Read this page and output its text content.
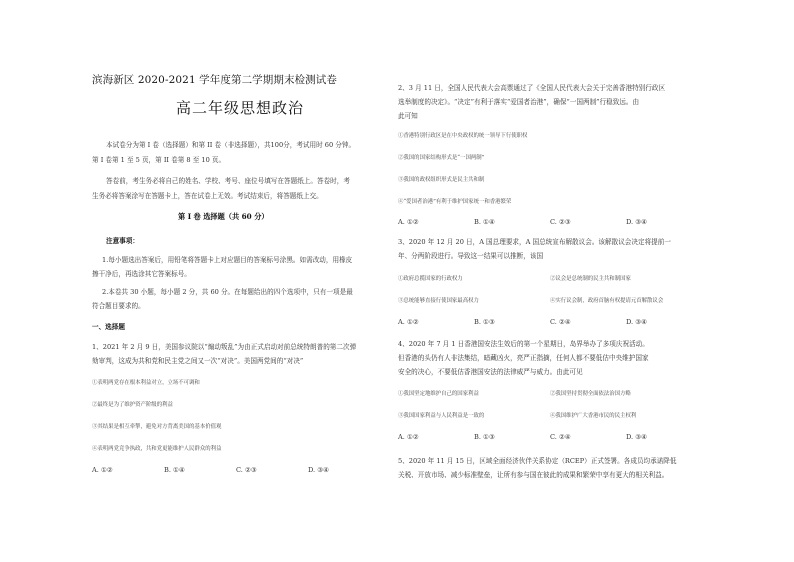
滨海新区 2020-2021 学年度第二学期期末检测试卷
高二年级思想政治
本试卷分为第 I 卷（选择题）和第 II 卷（非选择题），共100分，考试用时 60 分钟。
第 I 卷第 1 至 5 页，第 II 卷第 8 至 10 页。
答卷前，考生务必将自己的姓名、学校、考号、座位号填写在答题纸上。答卷时，考
生务必将答案涂写在答题卡上，答在试卷上无效。考试结束后，将答题纸上交。
第 I 卷 选择题（共 60 分）
注意事项：
1.每小题选出答案后，用铅笔将答题卡上对应题目的答案标号涂黑。如需改动，用橡皮
擦干净后，再选涂其它答案标号。
2.本卷共 30 小题，每小题 2 分，共 60 分。在每题给出的四个选项中，只有一项是最
符合题目要求的。
一、选择题
1、2021 年 2 月 9 日，美国参议院以“煽动叛乱”为由正式启动对前总统特朗普的第二次弹
劾审判，这成为共和党和民主党之间又一次“对决”。美国两党间的“对决”
①表明两党存在根本利益对立，立场不可调和
②最终是为了维护资产阶级的利益
③其结果是相互牵掣，避免对方背离美国的基本价值观
④表明两党竞争执政，共和党更能维护人民群众的利益
A. ①②	B. ①④	C. ②③	D. ③④
2、3 月 11 日，全国人民代表大会高票通过了《全国人民代表大会关于完善香港特别行政区
选举制度的决定》。“决定”有利于落实“爱国者治港”，确保“一国两制”行稳致远。由
此可知
①香港特别行政区是在中央政权的统一领导下行使职权
②我国的国家结构形式是“一国两制”
③我国的政权组织形式是民主共和制
④“爱国者治港”有利于维护国家统一和香港繁荣
A. ①②	B. ①④	C. ②③	D. ③④
3、2020 年 12 月 20 日，A 国总理要求，A 国总统宣布解散议会。该解散议会决定将提前一
年、分两阶段进行。导致这一结果可以推断，该国
①政府总揽国家的行政权力	②议会是总统制的民主共和制国家
③总统能够直接行使国家最高权力	④实行议会制，政府首脑有权提请元首解散议会
A. ①②	B. ①③	C. ②④	D. ③④
4、2020 年 7 月 1 日香港国安法生效后的第一个星期日，岛界举办了多项庆祝活动。
但香港的头仍有人非法集结，暗藏凶火，亮严正指摘，任何人都不要低估中央维护国家
安全的决心，不要低估香港国安法的法律威严与威力。由此可见
①我国坚定地维护自己的国家利益	②我国坚持贯彻全面依法治国方略
③我国国家利益与人民利益是一致的	④我国维护广大香港市民的民主权利
A. ①②	B. ①③	C. ②④	D. ③④
5、2020 年 11 月 15 日，区域全面经济伙伴关系协定（RCEP）正式签署。各成员均承诺降低
关税、开放市场、减少标准壁垒，让所有参与国在彼此的成果和繁荣中享有更大的相关利益。
